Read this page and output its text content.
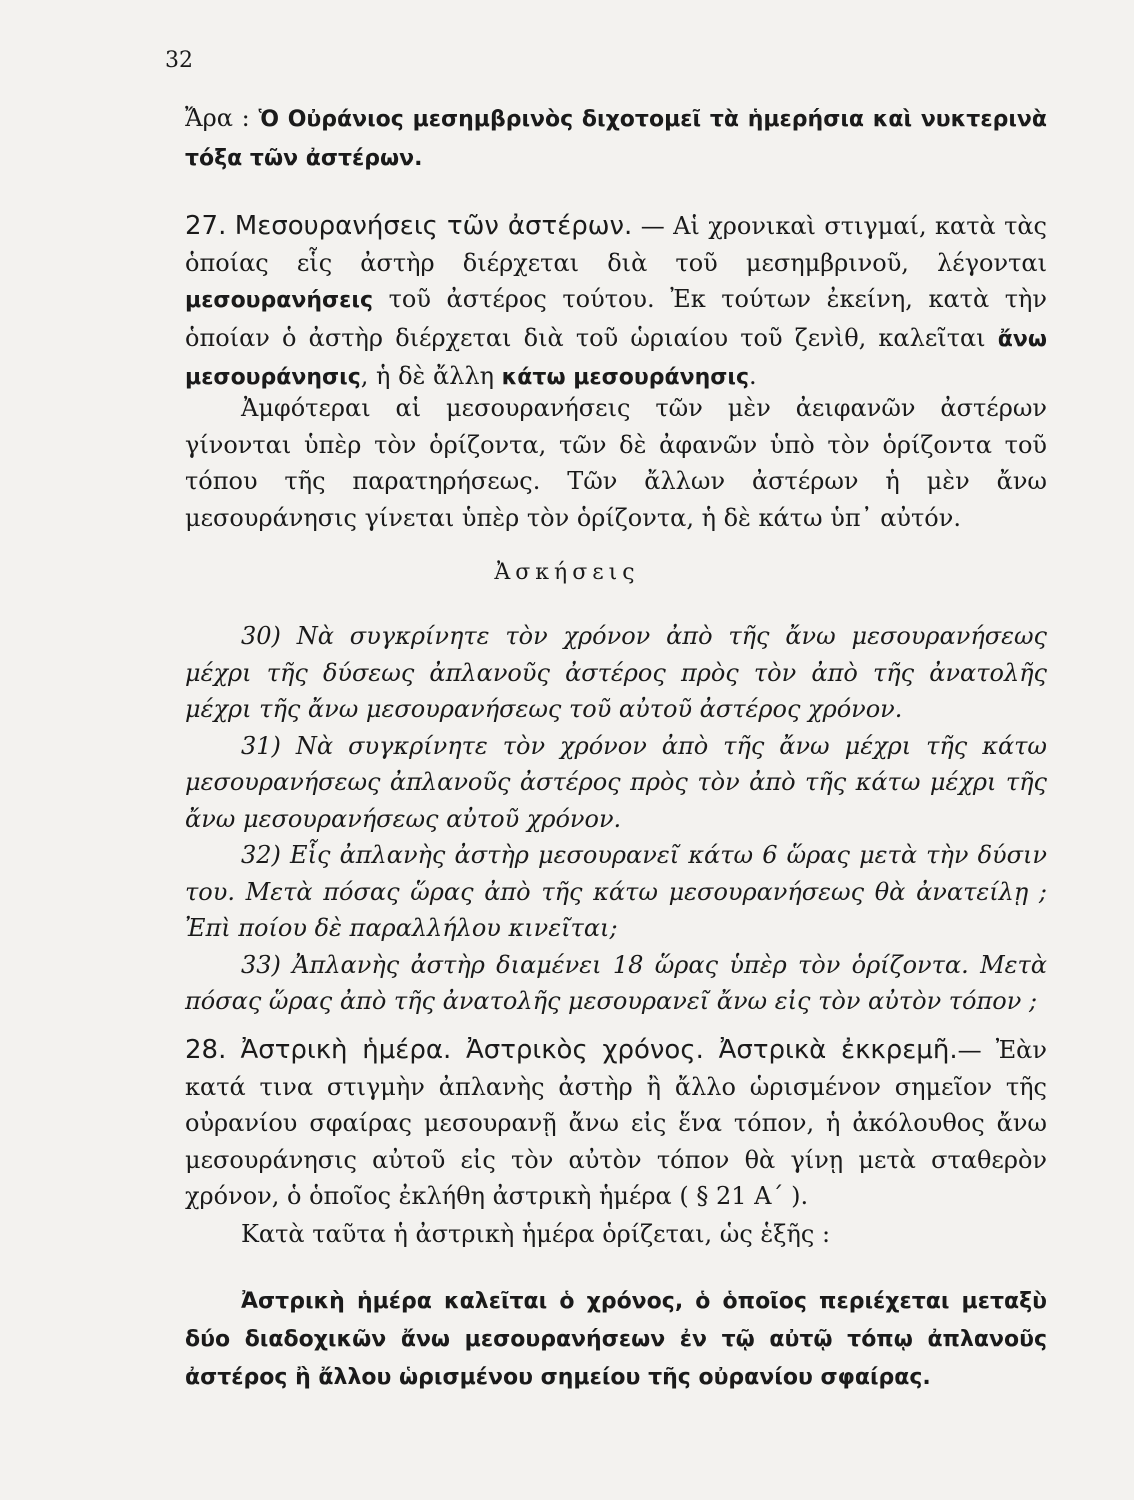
32

Ἄρα : Ὁ Οὐράνιος μεσημβρινὸς διχοτομεῖ τὰ ἡμερήσια καὶ νυκτερινὰ τόξα τῶν ἀστέρων.

27. Μεσουρανήσεις τῶν ἀστέρων. — Αἱ χρονικαὶ στιγμαί, κατὰ τὰς ὁποίας εἷς ἀστὴρ διέρχεται διὰ τοῦ μεσημβρινοῦ, λέγονται μεσουρανήσεις τοῦ ἀστέρος τούτου. Ἐκ τούτων ἐκείνη, κατὰ τὴν ὁποίαν ὁ ἀστὴρ διέρχεται διὰ τοῦ ὡριαίου τοῦ ζενὶθ, καλεῖται ἄνω μεσουράνησις, ἡ δὲ ἄλλη κάτω μεσουράνησις.

Ἀμφότεραι αἱ μεσουρανήσεις τῶν μὲν ἀειφανῶν ἀστέρων γίνονται ὑπὲρ τὸν ὁρίζοντα, τῶν δὲ ἀφανῶν ὑπὸ τὸν ὁρίζοντα τοῦ τόπου τῆς παρατηρήσεως. Τῶν ἄλλων ἀστέρων ἡ μὲν ἄνω μεσουράνησις γίνεται ὑπὲρ τὸν ὁρίζοντα, ἡ δὲ κάτω ὑπ᾽ αὐτόν.

Ἀσκήσεις

30) Νὰ συγκρίνητε τὸν χρόνον ἀπὸ τῆς ἄνω μεσουρανήσεως μέχρι τῆς δύσεως ἀπλανοῦς ἀστέρος πρὸς τὸν ἀπὸ τῆς ἀνατολῆς μέχρι τῆς ἄνω μεσουρανήσεως τοῦ αὐτοῦ ἀστέρος χρόνον.
31) Νὰ συγκρίνητε τὸν χρόνον ἀπὸ τῆς ἄνω μέχρι τῆς κάτω μεσουρανήσεως ἀπλανοῦς ἀστέρος πρὸς τὸν ἀπὸ τῆς κάτω μέχρι τῆς ἄνω μεσουρανήσεως αὐτοῦ χρόνον.
32) Εἷς ἀπλανὴς ἀστὴρ μεσουρανεῖ κάτω 6 ὥρας μετὰ τὴν δύσιν του. Μετὰ πόσας ὥρας ἀπὸ τῆς κάτω μεσουρανήσεως θὰ ἀνατείλῃ ; Ἐπὶ ποίου δὲ παραλλήλου κινεῖται;
33) Ἀπλανὴς ἀστὴρ διαμένει 18 ὥρας ὑπὲρ τὸν ὁρίζοντα. Μετὰ πόσας ὥρας ἀπὸ τῆς ἀνατολῆς μεσουρανεῖ ἄνω εἰς τὸν αὐτὸν τόπον ;

28. Ἀστρικὴ ἡμέρα. Ἀστρικὸς χρόνος. Ἀστρικὰ ἐκκρεμῆ.— Ἐὰν κατά τινα στιγμὴν ἀπλανὴς ἀστὴρ ἢ ἄλλο ὡρισμένον σημεῖον τῆς οὐρανίου σφαίρας μεσουρανῇ ἄνω εἰς ἕνα τόπον, ἡ ἀκόλουθος ἄνω μεσουράνησις αὐτοῦ εἰς τὸν αὐτὸν τόπον θὰ γίνῃ μετὰ σταθερὸν χρόνον, ὁ ὁποῖος ἐκλήθη ἀστρικὴ ἡμέρα ( § 21 Α΄ ).

Κατὰ ταῦτα ἡ ἀστρικὴ ἡμέρα ὁρίζεται, ὡς ἑξῆς :

Ἀστρικὴ ἡμέρα καλεῖται ὁ χρόνος, ὁ ὁποῖος περιέχεται μεταξὺ δύο διαδοχικῶν ἄνω μεσουρανήσεων ἐν τῷ αὐτῷ τόπῳ ἀπλανοῦς ἀστέρος ἢ ἄλλου ὡρισμένου σημείου τῆς οὐρανίου σφαίρας.
